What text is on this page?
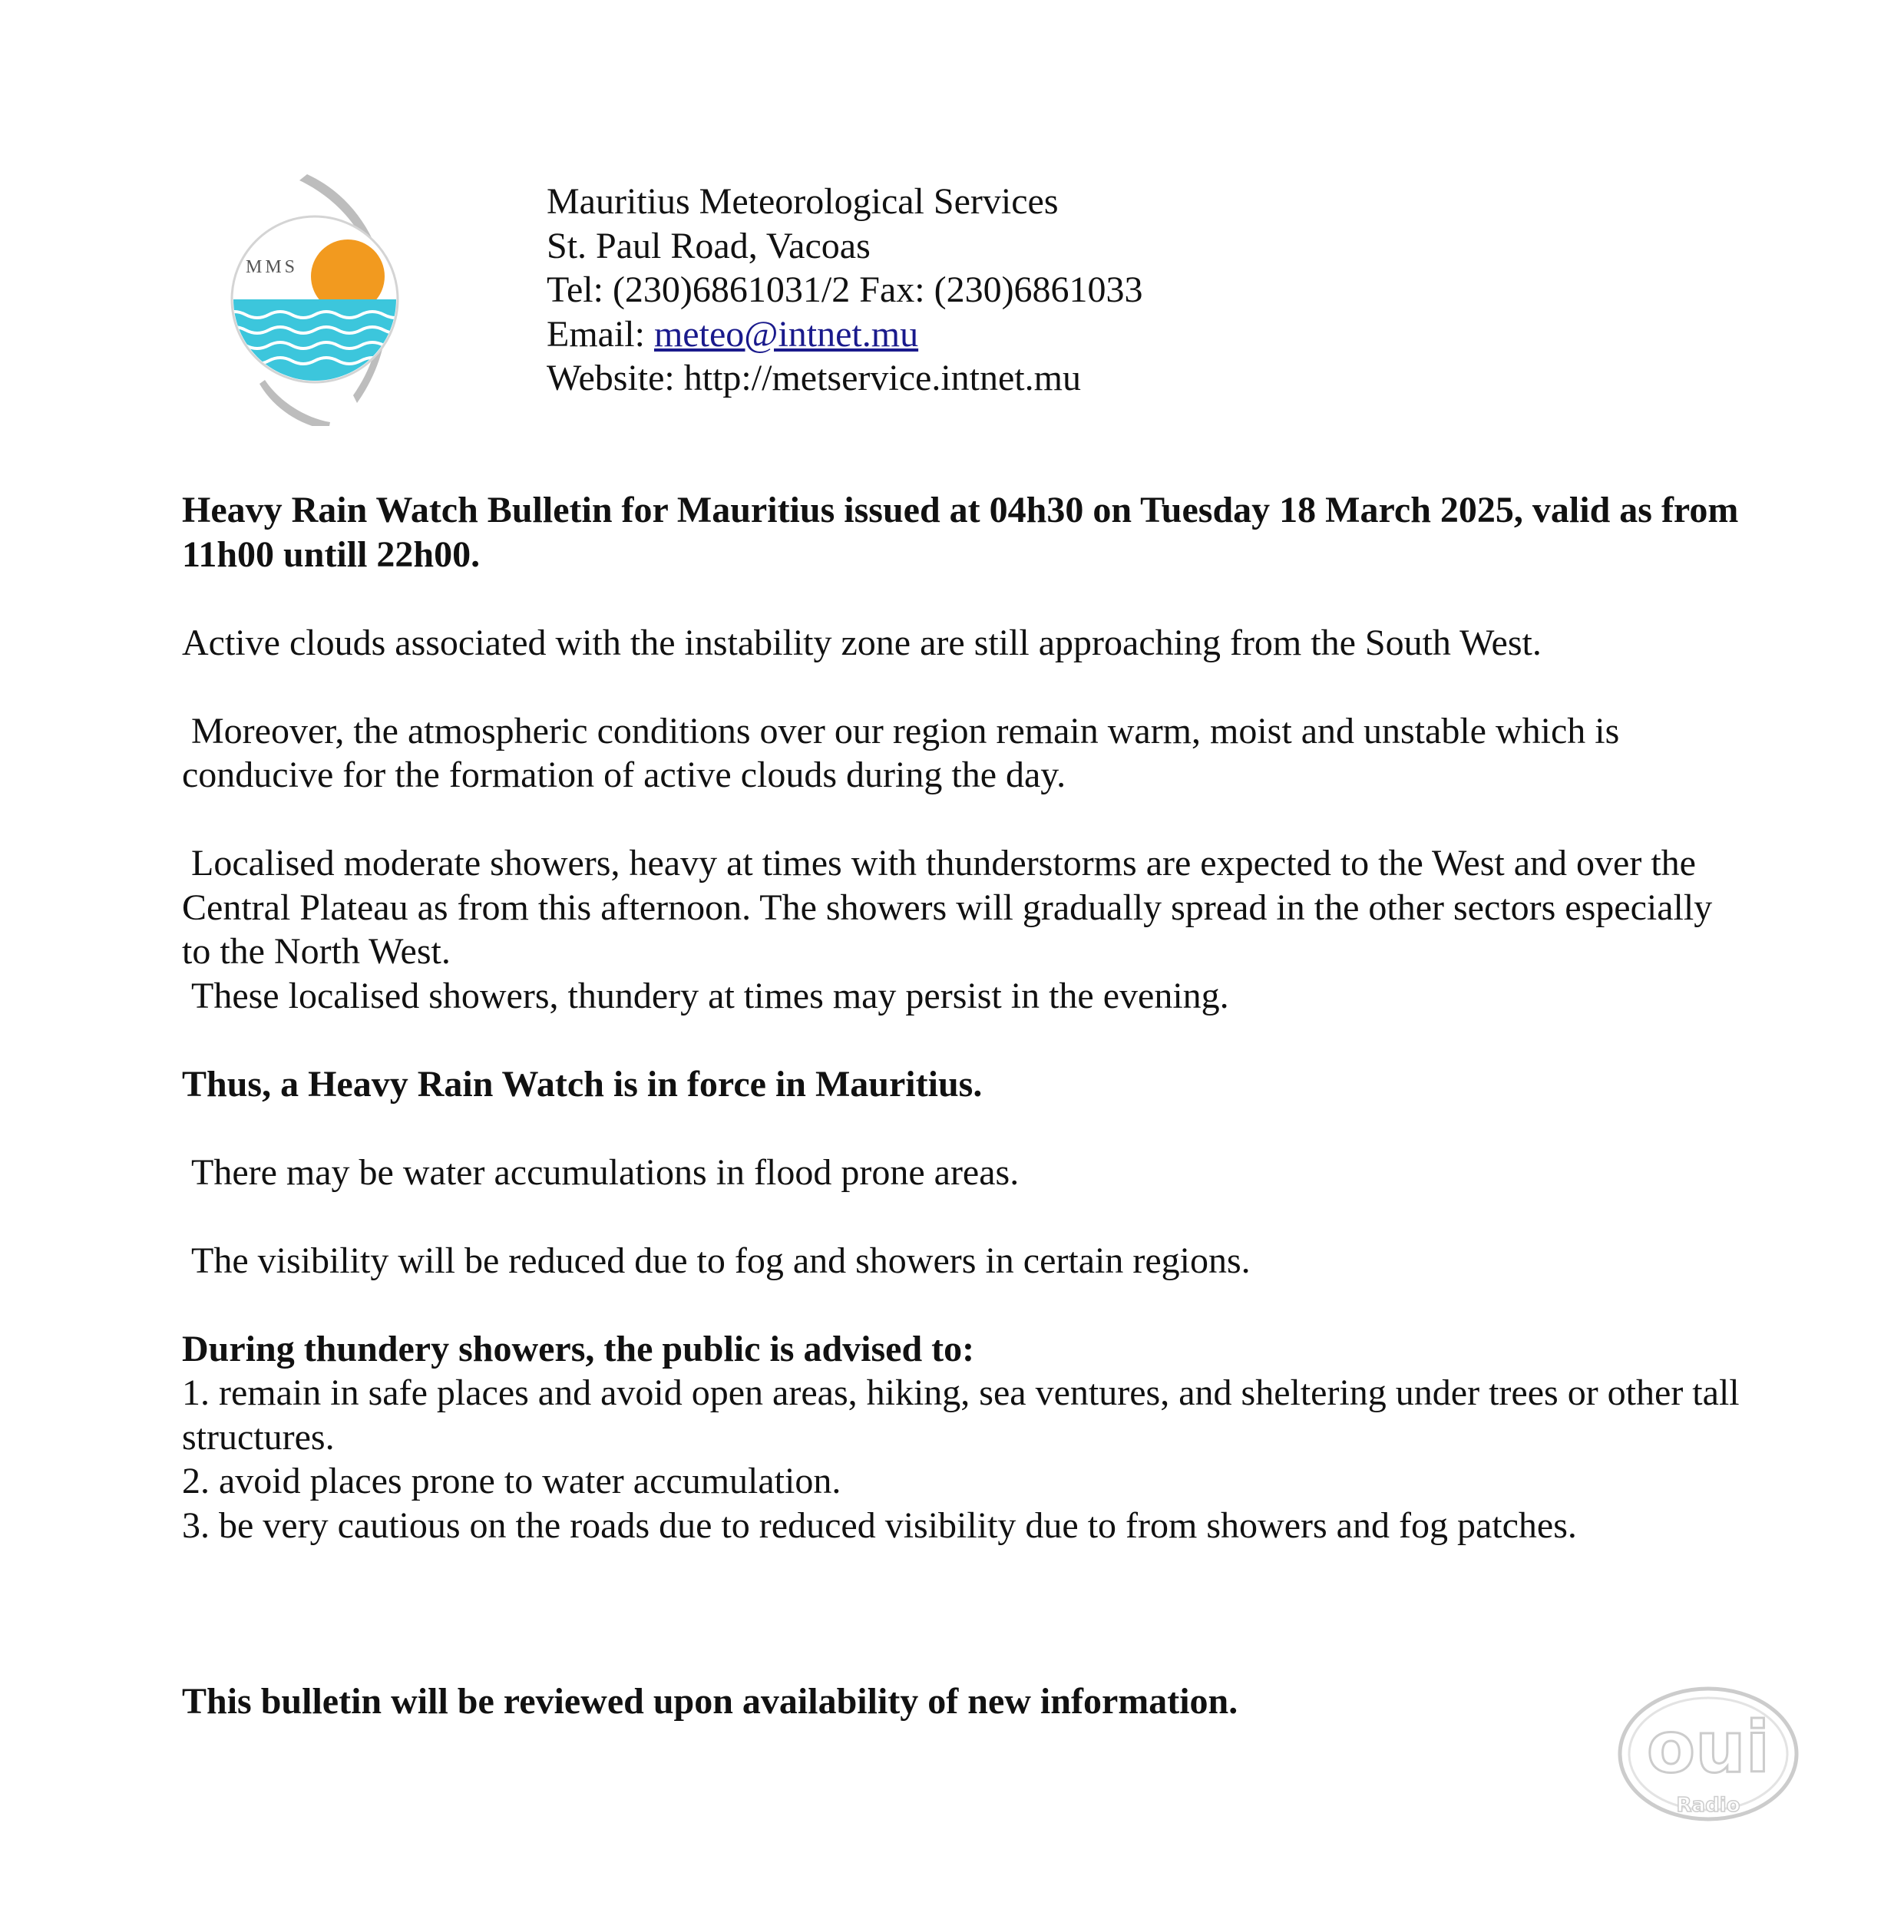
MMS
Mauritius Meteorological Services
St. Paul Road, Vacoas
Tel: (230)6861031/2 Fax: (230)6861033
Email: meteo@intnet.mu
Website: http://metservice.intnet.mu

Heavy Rain Watch Bulletin for Mauritius issued at 04h30 on Tuesday 18 March 2025, valid as from 11h00 untill 22h00.

Active clouds associated with the instability zone are still approaching from the South West.

Moreover, the atmospheric conditions over our region remain warm, moist and unstable which is conducive for the formation of active clouds during the day.

Localised moderate showers, heavy at times with thunderstorms are expected to the West and over the Central Plateau as from this afternoon. The showers will gradually spread in the other sectors especially to the North West.

These localised showers, thundery at times may persist in the evening.

Thus, a Heavy Rain Watch is in force in Mauritius.

There may be water accumulations in flood prone areas.

The visibility will be reduced due to fog and showers in certain regions.

During thundery showers, the public is advised to:

1. remain in safe places and avoid open areas, hiking, sea ventures, and sheltering under trees or other tall structures.

2. avoid places prone to water accumulation.

3. be very cautious on the roads due to reduced visibility due to from showers and fog patches.

This bulletin will be reviewed upon availability of new information.

oui
Radio
